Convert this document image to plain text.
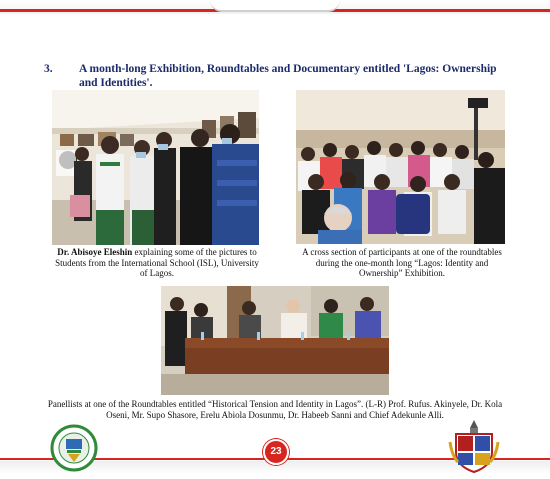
3.	A month-long Exhibition, Roundtables and Documentary entitled 'Lagos: Ownership and Identities'.
Dr. Abisoye Eleshin explaining some of the pictures to Students from the International School (ISL), University of Lagos.
A cross section of participants at one of the roundtables during the one-month long “Lagos: Identity and Ownership” Exhibition.
Panellists at one of the Roundtables entitled “Historical Tension and Identity in Lagos”. (L-R) Prof. Rufus. Akinyele, Dr. Kola Oseni, Mr. Supo Shasore, Erelu Abiola Dosunmu, Dr. Habeeb Sanni and Chief Adekunle Alli.
23
